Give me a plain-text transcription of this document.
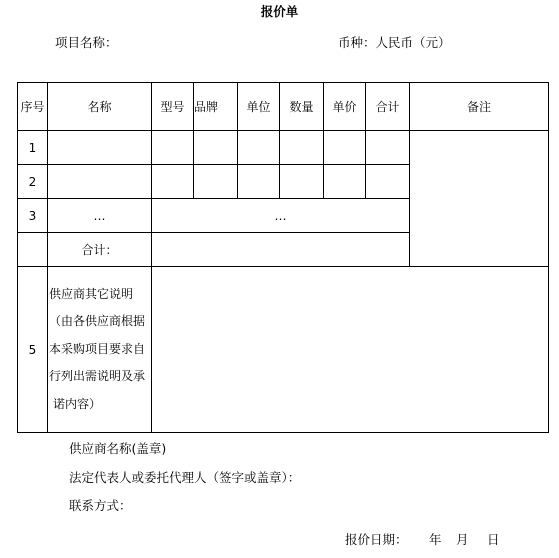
报价单
项目名称：	币种：人民币（元）
序号	名称	型号	品牌	单位	数量	单价	合计	备注
1								
2								
3	…	…						
	合计：							
5	供应商其它说明
（由各供应商根据
本采购项目要求自
行列出需说明及承
诺内容）							

供应商名称(盖章)
法定代表人或委托代理人（签字或盖章）：
联系方式：
报价日期： 年 月 日
